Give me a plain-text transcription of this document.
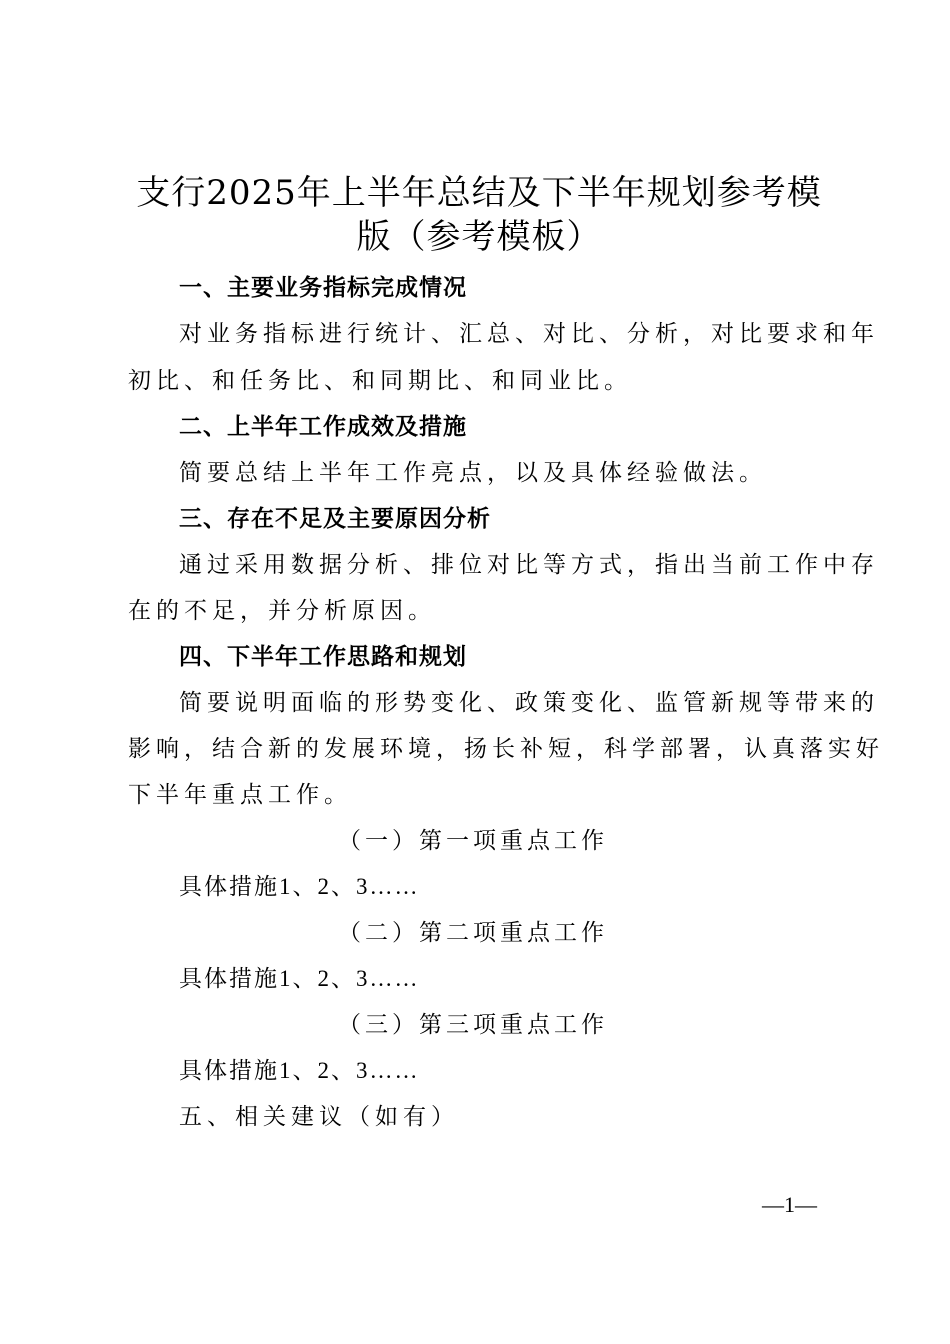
支行2025年上半年总结及下半年规划参考模
版（参考模板）
一、主要业务指标完成情况
对业务指标进行统计、汇总、对比、分析，对比要求和年
初比、和任务比、和同期比、和同业比。
二、上半年工作成效及措施
简要总结上半年工作亮点，以及具体经验做法。
三、存在不足及主要原因分析
通过采用数据分析、排位对比等方式，指出当前工作中存
在的不足，并分析原因。
四、下半年工作思路和规划
简要说明面临的形势变化、政策变化、监管新规等带来的
影响，结合新的发展环境，扬长补短，科学部署，认真落实好
下半年重点工作。
（一）第一项重点工作
具体措施1、2、3……
（二）第二项重点工作
具体措施1、2、3……
（三）第三项重点工作
具体措施1、2、3……
五、相关建议（如有）
—1—
